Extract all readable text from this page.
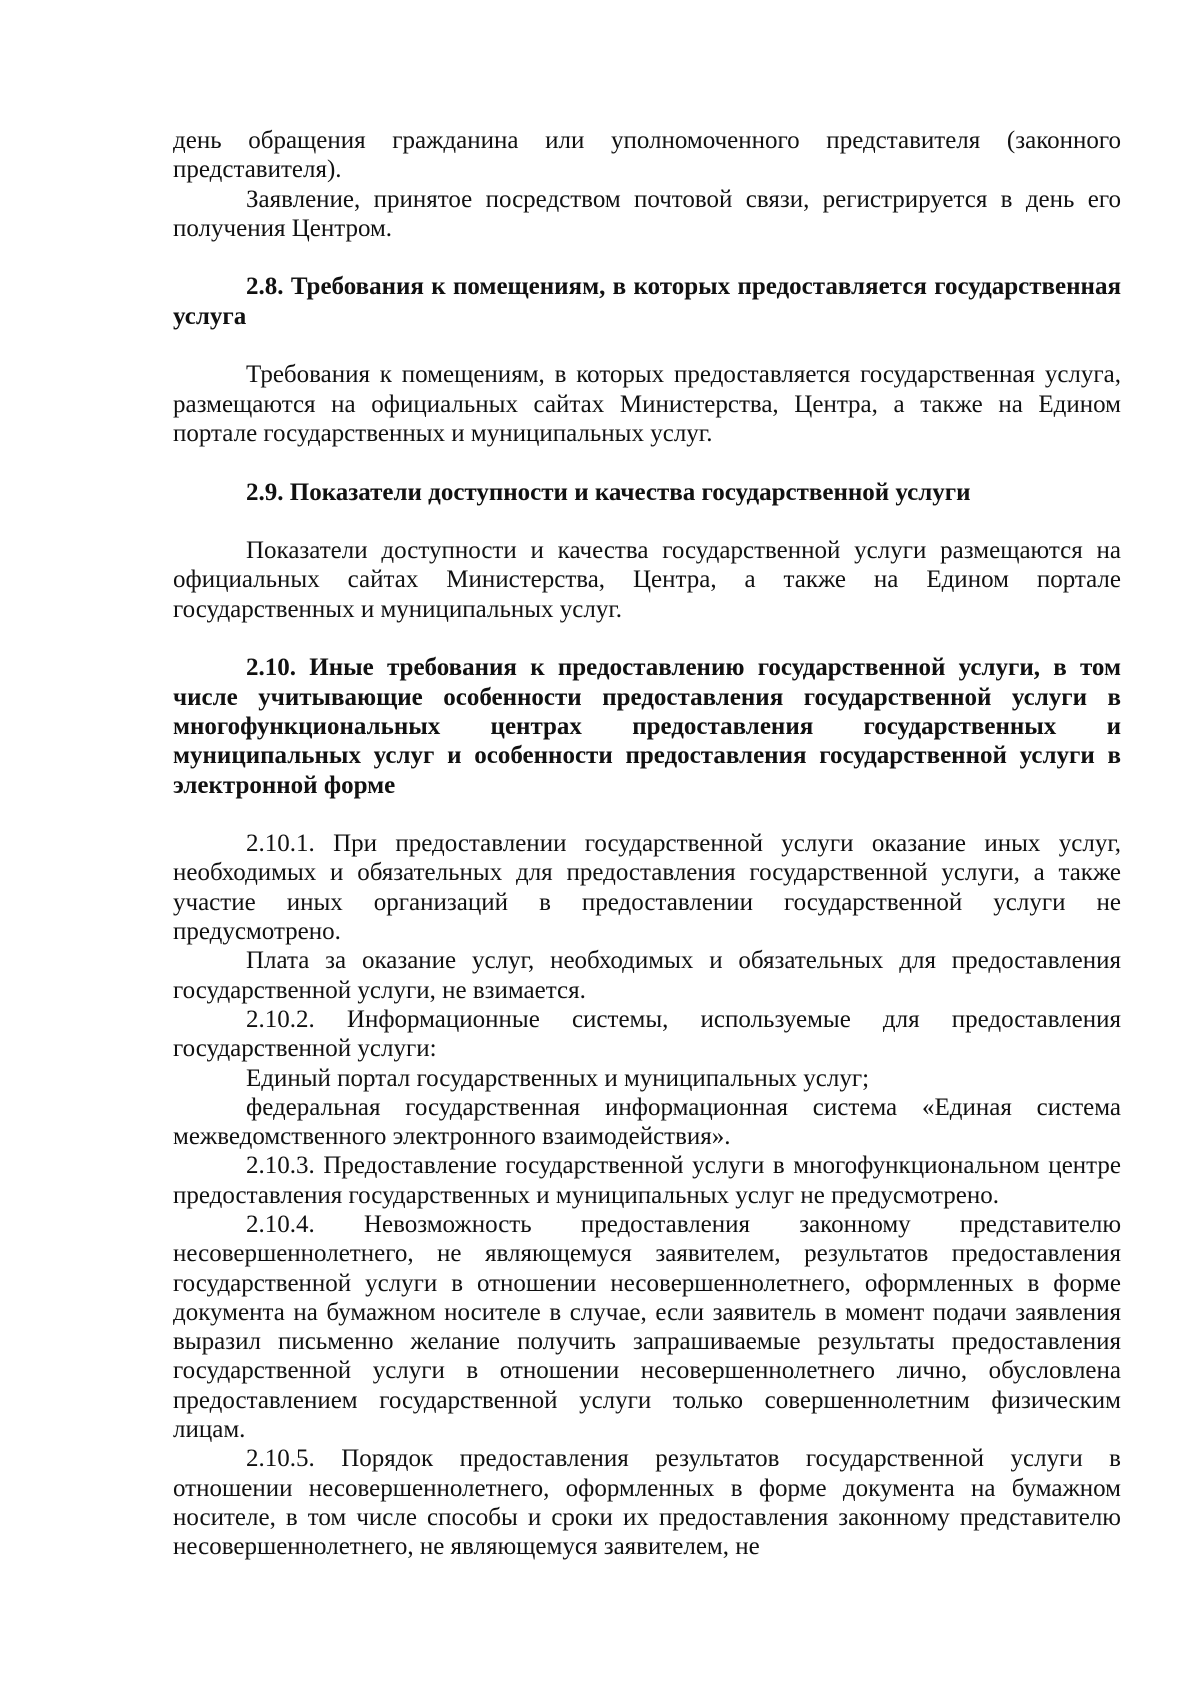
день обращения гражданина или уполномоченного представителя (законного представителя).

Заявление, принятое посредством почтовой связи, регистрируется в день его получения Центром.

2.8. Требования к помещениям, в которых предоставляется государственная услуга

Требования к помещениям, в которых предоставляется государственная услуга, размещаются на официальных сайтах Министерства, Центра, а также на Едином портале государственных и муниципальных услуг.

2.9. Показатели доступности и качества государственной услуги

Показатели доступности и качества государственной услуги размещаются на официальных сайтах Министерства, Центра, а также на Едином портале государственных и муниципальных услуг.

2.10. Иные требования к предоставлению государственной услуги, в том числе учитывающие особенности предоставления государственной услуги в многофункциональных центрах предоставления государственных и муниципальных услуг и особенности предоставления государственной услуги в электронной форме

2.10.1. При предоставлении государственной услуги оказание иных услуг, необходимых и обязательных для предоставления государственной услуги, а также участие иных организаций в предоставлении государственной услуги не предусмотрено.

Плата за оказание услуг, необходимых и обязательных для предоставления государственной услуги, не взимается.

2.10.2. Информационные системы, используемые для предоставления государственной услуги:

Единый портал государственных и муниципальных услуг;

федеральная государственная информационная система «Единая система межведомственного электронного взаимодействия».

2.10.3. Предоставление государственной услуги в многофункциональном центре предоставления государственных и муниципальных услуг не предусмотрено.

2.10.4. Невозможность предоставления законному представителю несовершеннолетнего, не являющемуся заявителем, результатов предоставления государственной услуги в отношении несовершеннолетнего, оформленных в форме документа на бумажном носителе в случае, если заявитель в момент подачи заявления выразил письменно желание получить запрашиваемые результаты предоставления государственной услуги в отношении несовершеннолетнего лично, обусловлена предоставлением государственной услуги только совершеннолетним физическим лицам.

2.10.5. Порядок предоставления результатов государственной услуги в отношении несовершеннолетнего, оформленных в форме документа на бумажном носителе, в том числе способы и сроки их предоставления законному представителю несовершеннолетнего, не являющемуся заявителем, не
